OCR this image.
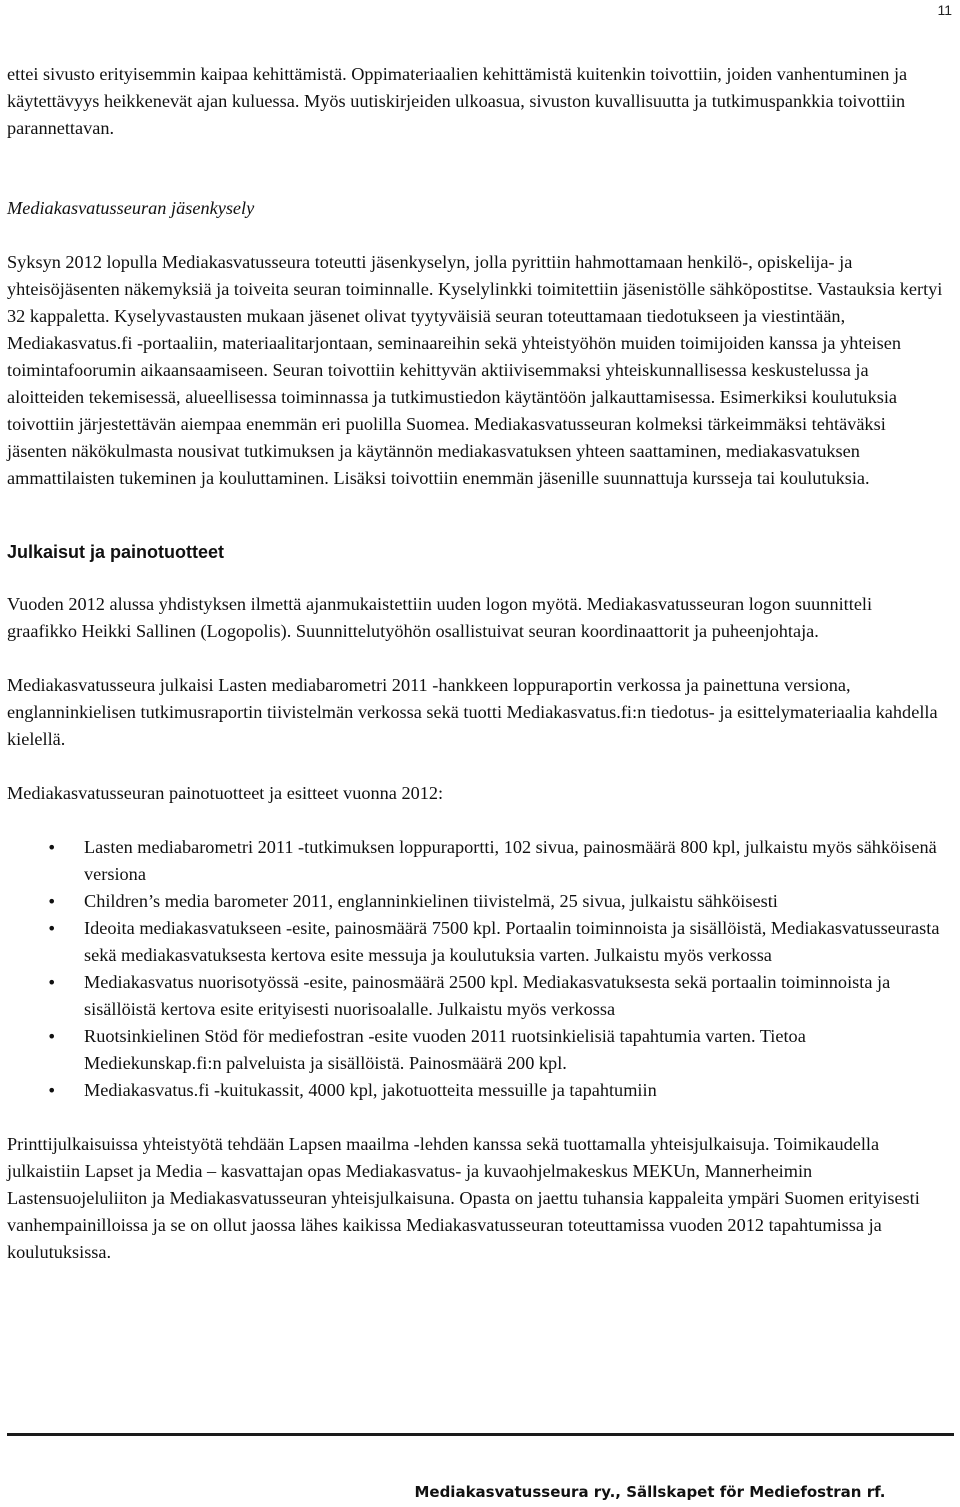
11

ettei sivusto erityisemmin kaipaa kehittämistä. Oppimateriaalien kehittämistä kuitenkin toivottiin, joiden vanhentuminen ja käytettävyys heikkenevät ajan kuluessa. Myös uutiskirjeiden ulkoasua, sivuston kuvallisuutta ja tutkimuspankkia toivottiin parannettavan.

Mediakasvatusseuran jäsenkysely

Syksyn 2012 lopulla Mediakasvatusseura toteutti jäsenkyselyn, jolla pyrittiin hahmottamaan henkilö-, opiskelija- ja yhteisöjäsenten näkemyksiä ja toiveita seuran toiminnalle. Kyselylinkki toimitettiin jäsenistölle sähköpostitse. Vastauksia kertyi 32 kappaletta. Kyselyvastausten mukaan jäsenet olivat tyytyväisiä seuran toteuttamaan tiedotukseen ja viestintään, Mediakasvatus.fi -portaaliin, materiaalitarjontaan, seminaareihin sekä yhteistyöhön muiden toimijoiden kanssa ja yhteisen toimintafoorumin aikaansaamiseen. Seuran toivottiin kehittyvän aktiivisemmaksi yhteiskunnallisessa keskustelussa ja aloitteiden tekemisessä, alueellisessa toiminnassa ja tutkimustiedon käytäntöön jalkauttamisessa. Esimerkiksi koulutuksia toivottiin järjestettävän aiempaa enemmän eri puolilla Suomea. Mediakasvatusseuran kolmeksi tärkeimmäksi tehtäväksi jäsenten näkökulmasta nousivat tutkimuksen ja käytännön mediakasvatuksen yhteen saattaminen, mediakasvatuksen ammattilaisten tukeminen ja kouluttaminen. Lisäksi toivottiin enemmän jäsenille suunnattuja kursseja tai koulutuksia.

Julkaisut ja painotuotteet

Vuoden 2012 alussa yhdistyksen ilmettä ajanmukaistettiin uuden logon myötä. Mediakasvatusseuran logon suunnitteli graafikko Heikki Sallinen (Logopolis). Suunnittelutyöhön osallistuivat seuran koordinaattorit ja puheenjohtaja.

Mediakasvatusseura julkaisi Lasten mediabarometri 2011 -hankkeen loppuraportin verkossa ja painettuna versiona, englanninkielisen tutkimusraportin tiivistelmän verkossa sekä tuotti Mediakasvatus.fi:n tiedotus- ja esittelymateriaalia kahdella kielellä.

Mediakasvatusseuran painotuotteet ja esitteet vuonna 2012:

• Lasten mediabarometri 2011 -tutkimuksen loppuraportti, 102 sivua, painosmäärä 800 kpl, julkaistu myös sähköisenä versiona
• Children’s media barometer 2011, englanninkielinen tiivistelmä, 25 sivua, julkaistu sähköisesti
• Ideoita mediakasvatukseen -esite, painosmäärä 7500 kpl. Portaalin toiminnoista ja sisällöistä, Mediakasvatusseurasta sekä mediakasvatuksesta kertova esite messuja ja koulutuksia varten. Julkaistu myös verkossa
• Mediakasvatus nuorisotyössä -esite, painosmäärä 2500 kpl. Mediakasvatuksesta sekä portaalin toiminnoista ja sisällöistä kertova esite erityisesti nuorisoalalle. Julkaistu myös verkossa
• Ruotsinkielinen Stöd för mediefostran -esite vuoden 2011 ruotsinkielisiä tapahtumia varten. Tietoa Mediekunskap.fi:n palveluista ja sisällöistä. Painosmäärä 200 kpl.
• Mediakasvatus.fi -kuitukassit, 4000 kpl, jakotuotteita messuille ja tapahtumiin

Printtijulkaisuissa yhteistyötä tehdään Lapsen maailma -lehden kanssa sekä tuottamalla yhteisjulkaisuja. Toimikaudella julkaistiin Lapset ja Media – kasvattajan opas Mediakasvatus- ja kuvaohjelmakeskus MEKUn, Mannerheimin Lastensuojeluliiton ja Mediakasvatusseuran yhteisjulkaisuna. Opasta on jaettu tuhansia kappaleita ympäri Suomen erityisesti vanhempainilloissa ja se on ollut jaossa lähes kaikissa Mediakasvatusseuran toteuttamissa vuoden 2012 tapahtumissa ja koulutuksissa.

Mediakasvatusseura ry., Sällskapet för Mediefostran rf.
